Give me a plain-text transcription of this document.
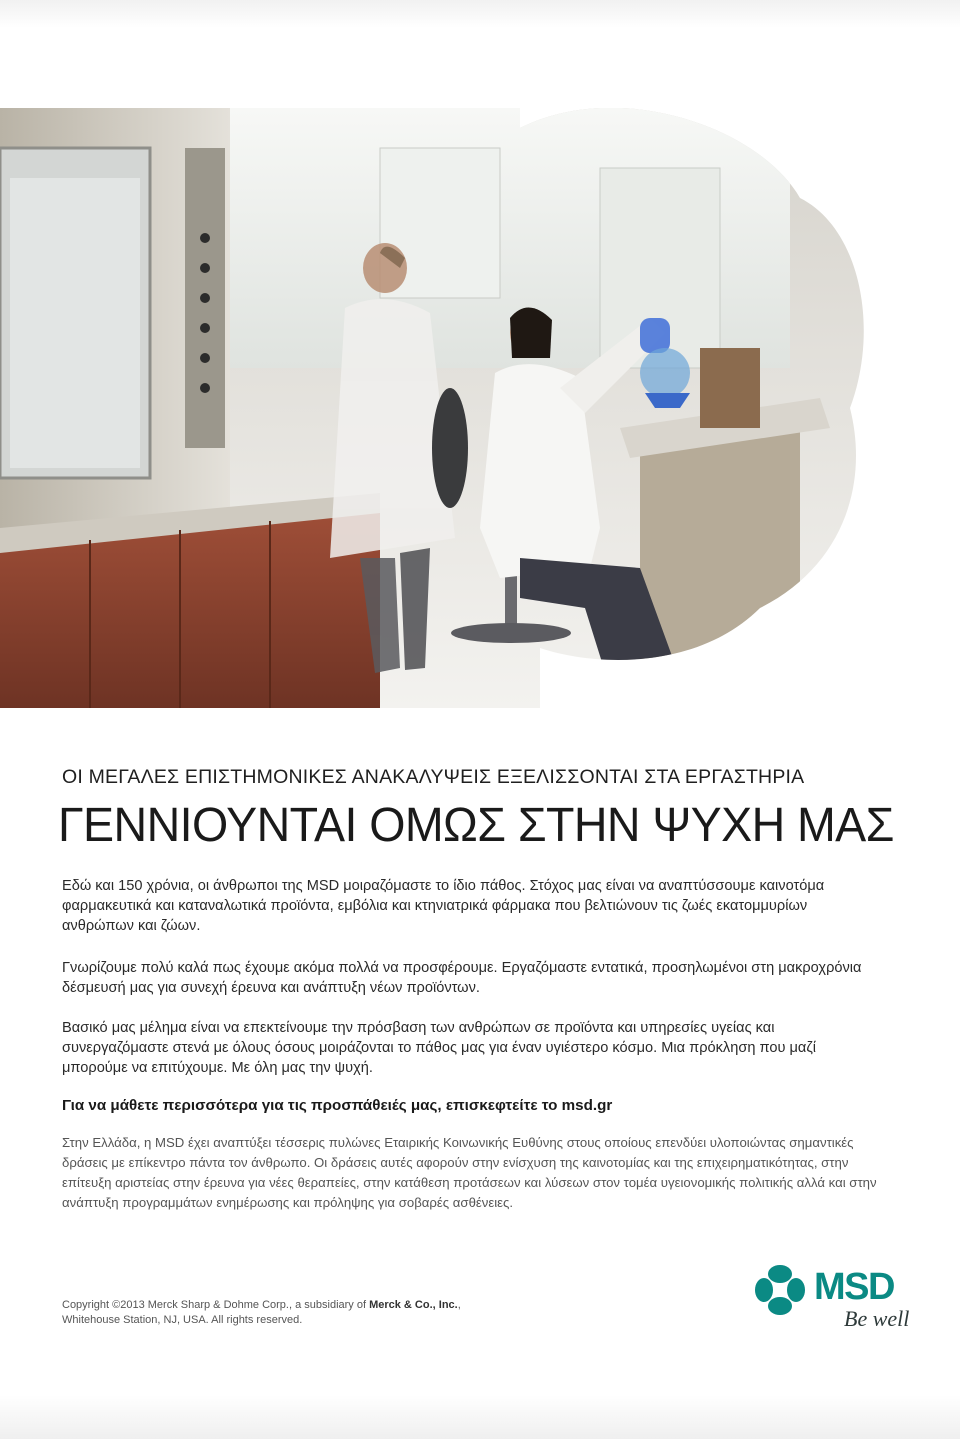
ΟΙ ΜΕΓΑΛΕΣ ΕΠΙΣΤΗΜΟΝΙΚΕΣ ΑΝΑΚΑΛΥΨΕΙΣ ΕΞΕΛΙΣΣΟΝΤΑΙ ΣΤΑ ΕΡΓΑΣΤΗΡΙΑ
ΓΕΝΝΙΟΥΝΤΑΙ ΟΜΩΣ ΣΤΗΝ ΨΥΧΗ ΜΑΣ

Εδώ και 150 χρόνια, οι άνθρωποι της MSD μοιραζόμαστε το ίδιο πάθος. Στόχος μας είναι να αναπτύσσουμε καινοτόμα φαρμακευτικά και καταναλωτικά προϊόντα, εμβόλια και κτηνιατρικά φάρμακα που βελτιώνουν τις ζωές εκατομμυρίων ανθρώπων και ζώων.

Γνωρίζουμε πολύ καλά πως έχουμε ακόμα πολλά να προσφέρουμε. Εργαζόμαστε εντατικά, προσηλωμένοι στη μακροχρόνια δέσμευσή μας για συνεχή έρευνα και ανάπτυξη νέων προϊόντων.

Βασικό μας μέλημα είναι να επεκτείνουμε την πρόσβαση των ανθρώπων σε προϊόντα και υπηρεσίες υγείας και συνεργαζόμαστε στενά με όλους όσους μοιράζονται το πάθος μας για έναν υγιέστερο κόσμο. Μια πρόκληση που μαζί μπορούμε να επιτύχουμε. Με όλη μας την ψυχή.

Για να μάθετε περισσότερα για τις προσπάθειές μας, επισκεφτείτε το msd.gr

Στην Ελλάδα, η MSD έχει αναπτύξει τέσσερις πυλώνες Εταιρικής Κοινωνικής Ευθύνης στους οποίους επενδύει υλοποιώντας σημαντικές δράσεις με επίκεντρο πάντα τον άνθρωπο. Οι δράσεις αυτές αφορούν στην ενίσχυση της καινοτομίας και της επιχειρηματικότητας, στην επίτευξη αριστείας στην έρευνα για νέες θεραπείες, στην κατάθεση προτάσεων και λύσεων στον τομέα υγειονομικής πολιτικής αλλά και στην ανάπτυξη προγραμμάτων ενημέρωσης και πρόληψης για σοβαρές ασθένειες.

Copyright ©2013 Merck Sharp & Dohme Corp., a subsidiary of Merck & Co., Inc.,
Whitehouse Station, NJ, USA. All rights reserved.

MSD
Be well
